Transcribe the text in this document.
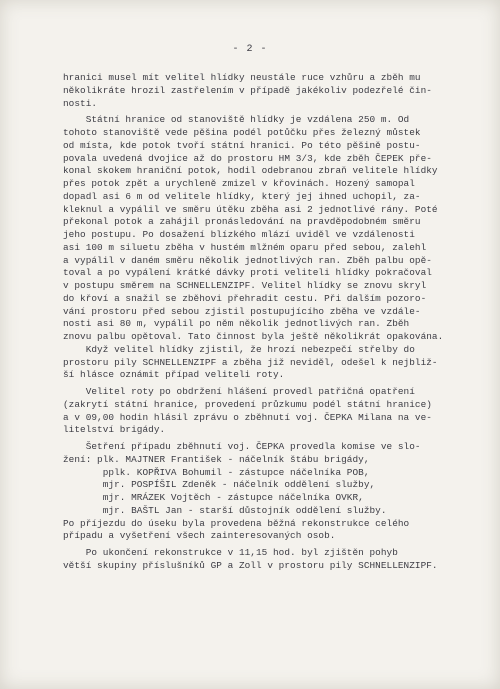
- 2 -
hranici musel mít velitel hlídky neustále ruce vzhůru a zběh mu
několikráte hrozil zastřelením v případě jakékoliv podezřelé čin-
nosti.
Státní hranice od stanoviště hlídky je vzdálena 250 m. Od
tohoto stanoviště vede pěšina podél potůčku přes železný můstek
od místa, kde potok tvoří státní hranici. Po této pěšině postu-
povala uvedená dvojice až do prostoru HM 3/3, kde zběh ČEPEK pře-
konal skokem hraniční potok, hodil odebranou zbraň velitele hlídky
přes potok zpět a urychleně zmizel v křovinách. Hozený samopal
dopadl asi 6 m od velitele hlídky, který jej ihned uchopil, za-
kleknul a vypálil ve směru útěku zběha asi 2 jednotlivé rány. Poté
překonal potok a zahájil pronásledování na pravděpodobném směru
jeho postupu. Po dosažení blízkého mlází uviděl ve vzdálenosti
asi 100 m siluetu zběha v hustém mlžném oparu před sebou, zalehl
a vypálil v daném směru několik jednotlivých ran. Zběh palbu opě-
toval a po vypálení krátké dávky proti veliteli hlídky pokračoval
v postupu směrem na SCHNELLENZIPF. Velitel hlídky se znovu skryl
do křoví a snažil se zběhovi přehradit cestu. Při dalším pozoro-
vání prostoru před sebou zjistil postupujícího zběha ve vzdále-
nosti asi 80 m, vypálil po něm několik jednotlivých ran. Zběh
znovu palbu opětoval. Tato činnost byla ještě několikrát opakována.
Když velitel hlídky zjistil, že hrozí nebezpečí střelby do
prostoru pily SCHNELLENZIPF a zběha již neviděl, odešel k nejbliž-
ší hlásce oznámit případ veliteli roty.
Velitel roty po obdržení hlášení provedl patřičná opatření
(zakrytí státní hranice, provedení průzkumu podél státní hranice)
a v 09,00 hodin hlásil zprávu o zběhnutí voj. ČEPKA Milana na ve-
litelství brigády.
Šetření případu zběhnutí voj. ČEPKA provedla komise ve slo-
žení: plk. MAJTNER František - náčelník štábu brigády,
pplk. KOPŘIVA Bohumil - zástupce náčelníka POB,
mjr. POSPÍŠIL Zdeněk - náčelník oddělení služby,
mjr. MRÁZEK Vojtěch - zástupce náčelníka OVKR,
mjr. BAŠTL Jan - starší důstojník oddělení služby.
Po příjezdu do úseku byla provedena běžná rekonstrukce celého
případu a vyšetření všech zainteresovaných osob.
Po ukončení rekonstrukce v 11,15 hod. byl zjištěn pohyb
větší skupiny příslušníků GP a Zoll v prostoru pily SCHNELLENZIPF.
